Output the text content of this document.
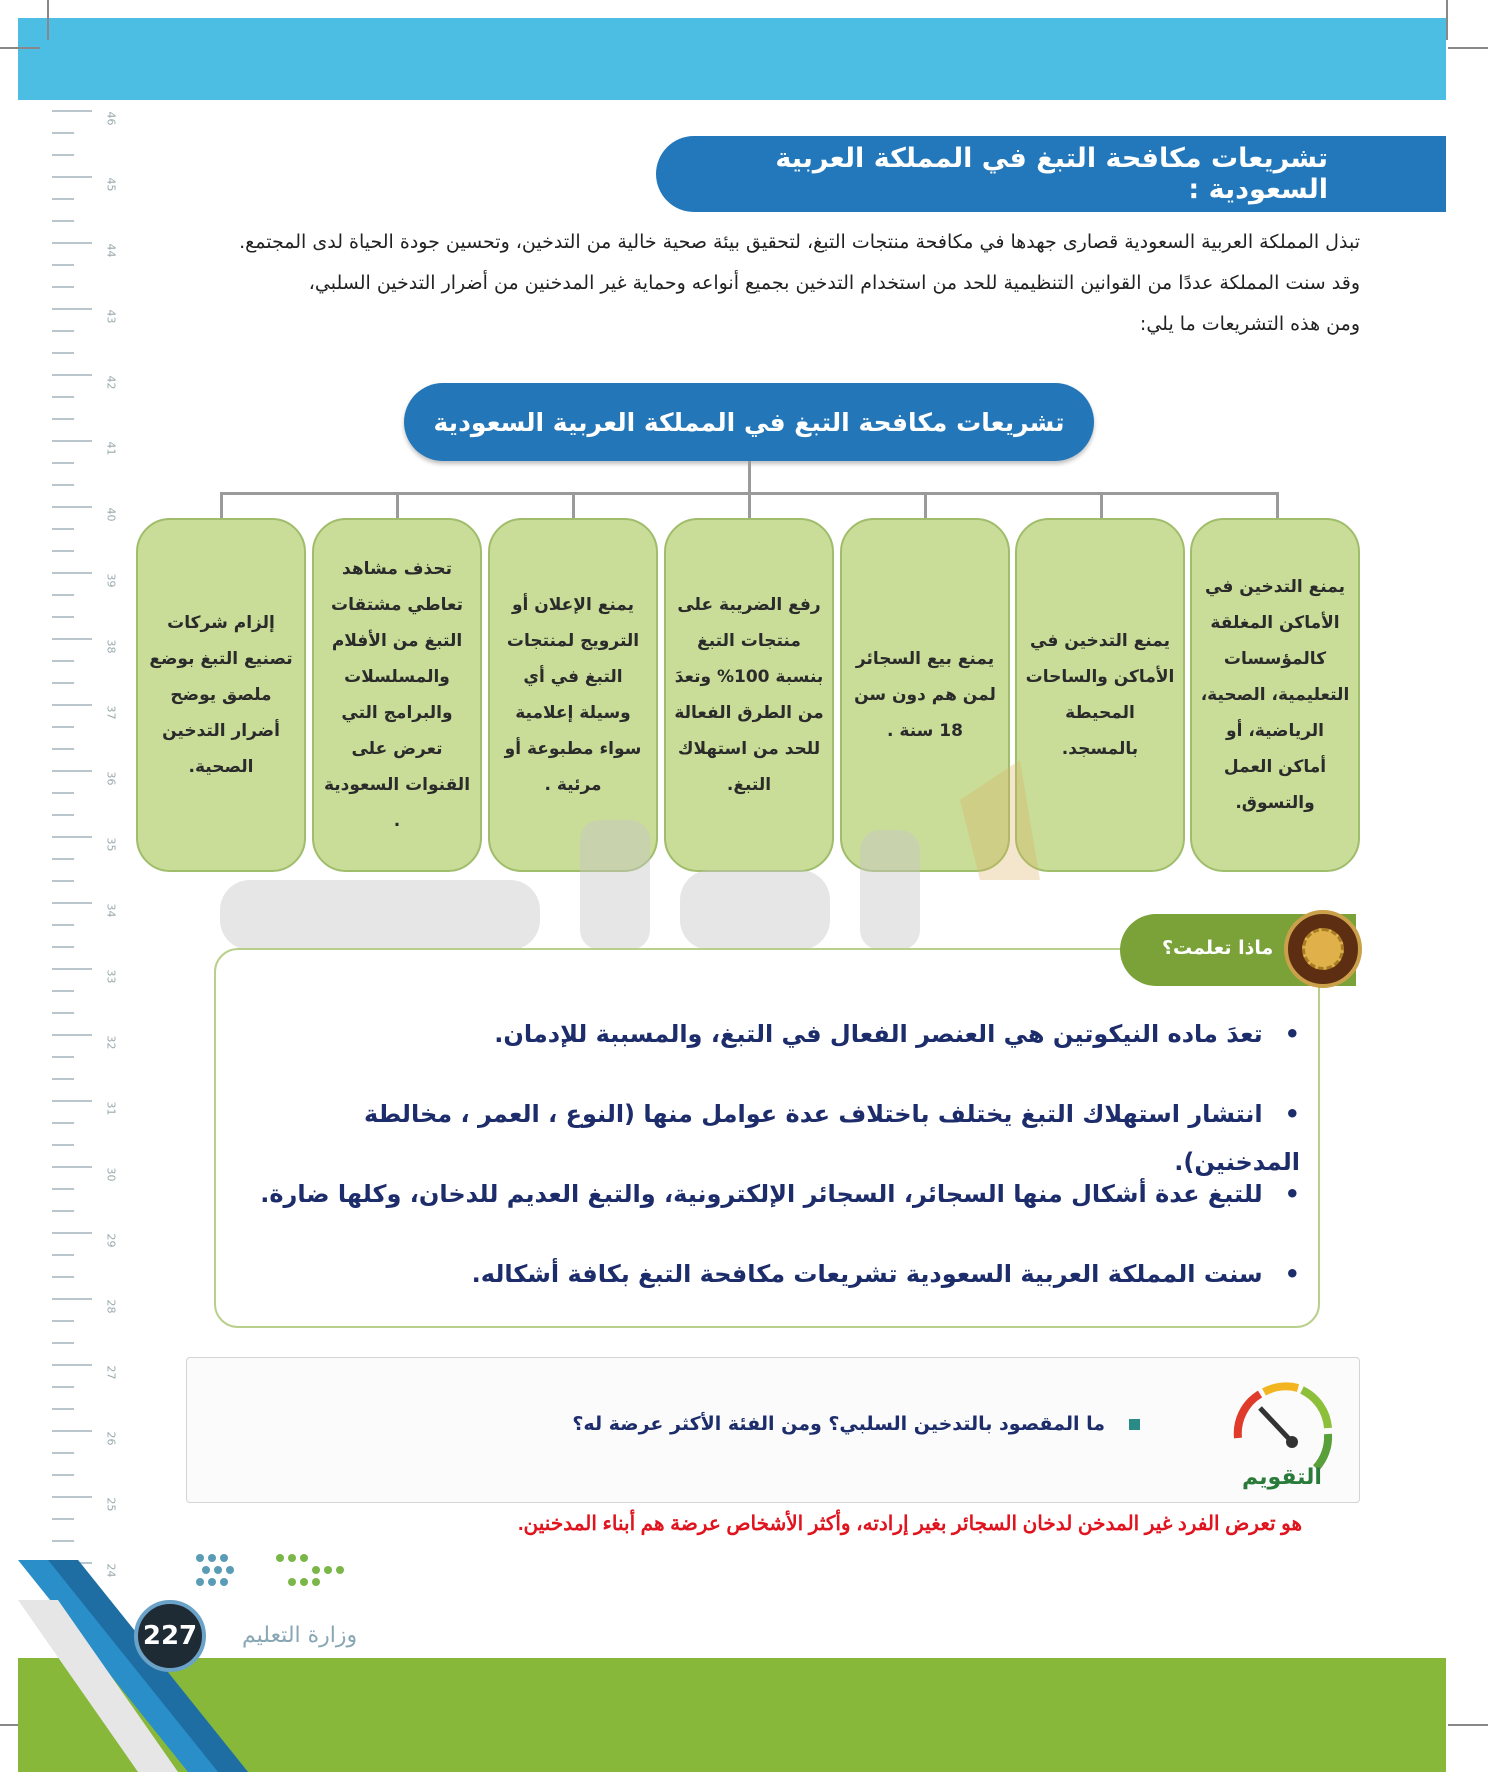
46
45
44
43
42
41
40
39
38
37
36
35
34
33
32
31
30
29
28
27
26
25
24
تشريعات مكافحة التبغ في المملكة العربية السعودية :
تبذل المملكة العربية السعودية قصارى جهدها في مكافحة منتجات التبغ، لتحقيق بيئة صحية خالية من التدخين، وتحسين جودة الحياة لدى المجتمع.
وقد سنت المملكة عددًا من القوانين التنظيمية للحد من استخدام التدخين بجميع أنواعه وحماية غير المدخنين من أضرار التدخين السلبي،
ومن هذه التشريعات ما يلي:
تشريعات مكافحة التبغ في المملكة العربية السعودية
يمنع التدخين في الأماكن المغلقة كالمؤسسات التعليمية، الصحية، الرياضية، أو أماكن العمل والتسوق.
يمنع التدخين في الأماكن والساحات المحيطة بالمسجد.
يمنع بيع السجائر لمن هم دون سن 18 سنة .
رفع الضريبة على منتجات التبغ بنسبة 100% وتعدَ من الطرق الفعالة للحد من استهلاك التبغ.
يمنع الإعلان أو الترويج لمنتجات التبغ في أي وسيلة إعلامية سواء مطبوعة أو مرئية .
تحذف مشاهد تعاطي مشتقات التبغ من الأفلام والمسلسلات والبرامج التي تعرض على القنوات السعودية .
إلزام شركات تصنيع التبغ بوضع ملصق يوضح أضرار التدخين الصحية.
ماذا تعلمت؟
• تعدَ ماده النيكوتين هي العنصر الفعال في التبغ، والمسببة للإدمان.
• انتشار استهلاك التبغ يختلف باختلاف عدة عوامل منها (النوع ، العمر ، مخالطة المدخنين).
• للتبغ عدة أشكال منها السجائر، السجائر الإلكترونية، والتبغ العديم للدخان، وكلها ضارة.
• سنت المملكة العربية السعودية تشريعات مكافحة التبغ بكافة أشكاله.
التقويم
ما المقصود بالتدخين السلبي؟ ومن الفئة الأكثر عرضة له؟
هو تعرض الفرد غير المدخن لدخان السجائر بغير إرادته، وأكثر الأشخاص عرضة هم أبناء المدخنين.
227	وزارة التعليم
